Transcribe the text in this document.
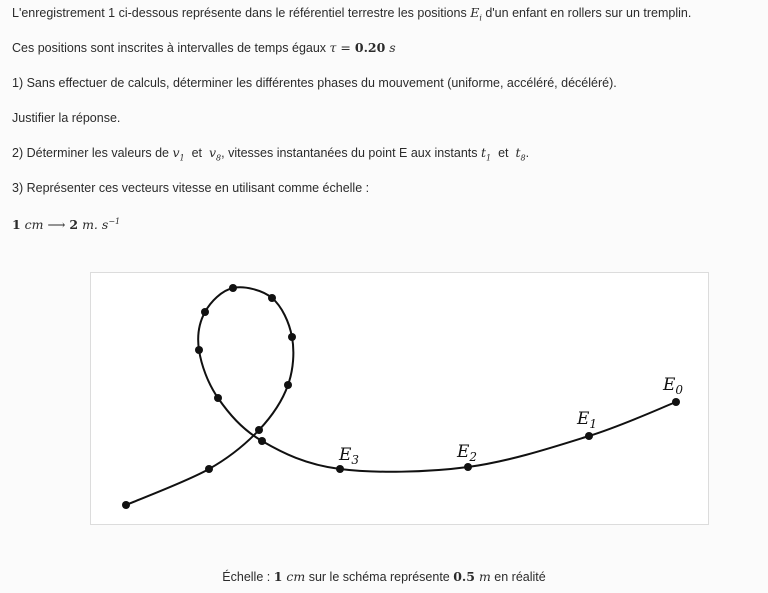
L'enregistrement 1 ci-dessous représente dans le référentiel terrestre les positions $E_i$ d'un enfant en rollers sur un tremplin.
Ces positions sont inscrites à intervalles de temps égaux τ = 0.20 s
1) Sans effectuer de calculs, déterminer les différentes phases du mouvement (uniforme, accéléré, décéléré).
Justifier la réponse.
2) Déterminer les valeurs de $v_1$  et  $v_8$, vitesses instantanées du point E aux instants $t_1$  et  $t_8$.
3) Représenter ces vecteurs vitesse en utilisant comme échelle :
1 cm ⟶ 2 m. $s^{-1}$
$E_0$
$E_1$
$E_2$
$E_3$
Échelle : 1 cm sur le schéma représente 0.5 m en réalité
